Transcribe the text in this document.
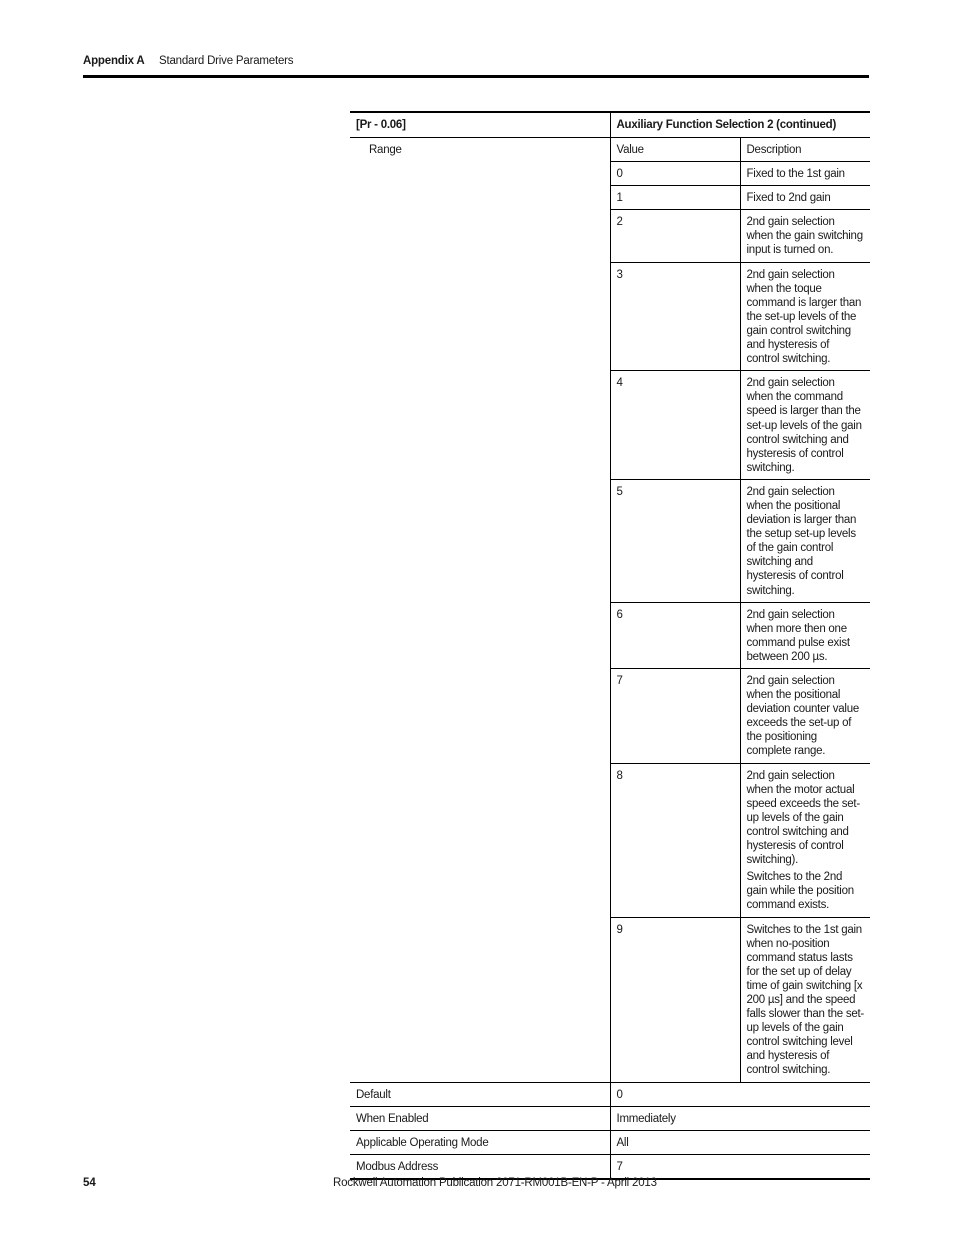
Appendix A Standard Drive Parameters
[Pr - 0.06]	Auxiliary Function Selection 2 (continued)	
Range	Value	Description
	0	Fixed to the 1st gain

	1	Fixed to 2nd gain

	2	2nd gain selection when the gain switching input is turned on.

	3	2nd gain selection when the toque command is larger than the set-up levels of the gain control switching and hysteresis of control switching.

	4	2nd gain selection when the command speed is larger than the set-up levels of the gain control switching and hysteresis of control switching.

	5	2nd gain selection when the positional deviation is larger than the setup set-up levels of the gain control switching and hysteresis of control switching.

	6	2nd gain selection when more then one command pulse exist between 200 µs.

	7	2nd gain selection when the positional deviation counter value exceeds the set-up of the positioning complete range.

	8	2nd gain selection when the motor actual speed exceeds the set-up levels of the gain control switching and hysteresis of control switching).

Switches to the 2nd gain while the position command exists.

	9	Switches to the 1st gain when no-position command status lasts for the set up of delay time of gain switching [x 200 µs] and the speed falls slower than the set-up levels of the gain control switching level and hysteresis of control switching.

Default	0	
When Enabled	Immediately	
Applicable Operating Mode	All	
Modbus Address	7	
54	Rockwell Automation Publication 2071-RM001B-EN-P - April 2013
